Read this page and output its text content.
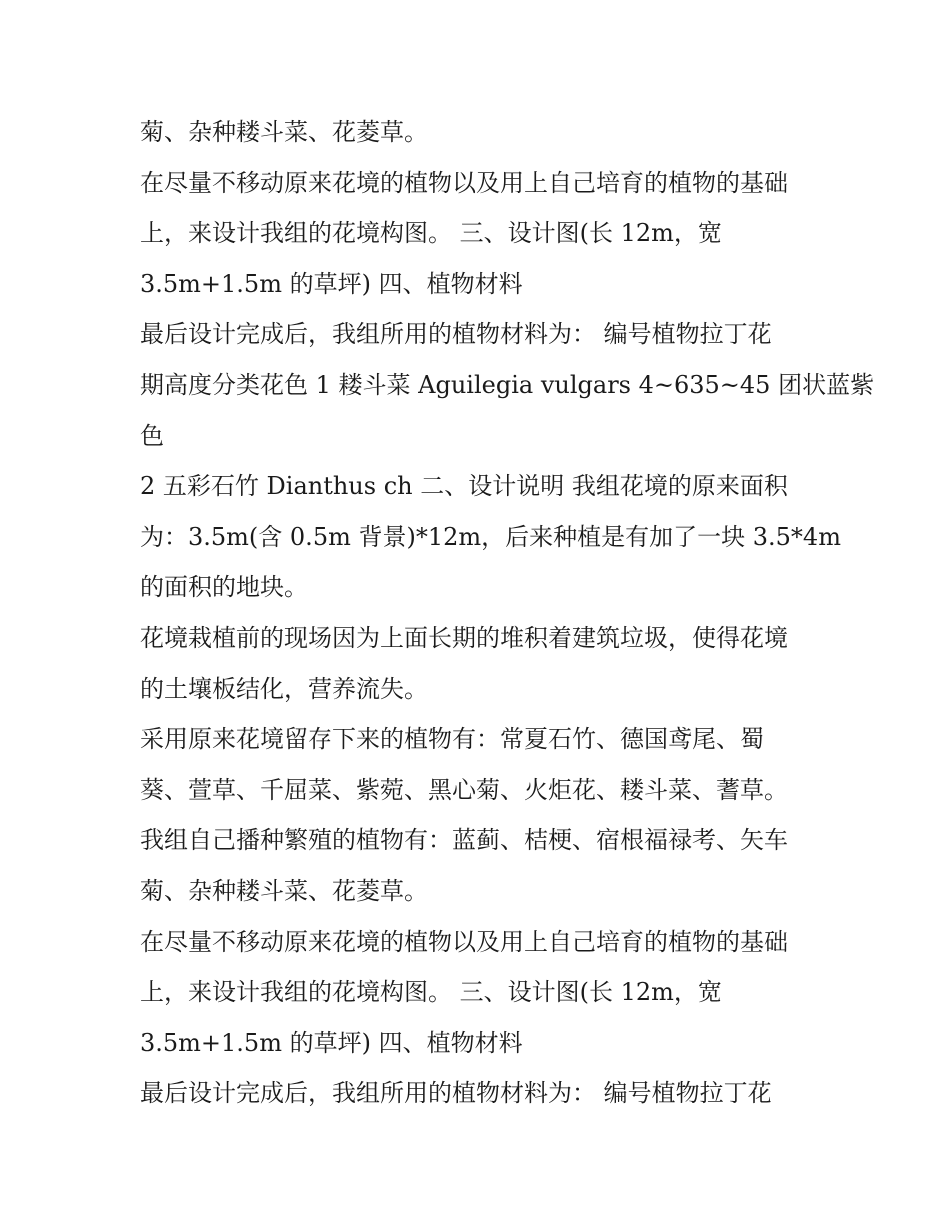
菊、杂种耧斗菜、花菱草。
在尽量不移动原来花境的植物以及用上自己培育的植物的基础
上，来设计我组的花境构图。 三、设计图(长 12m，宽
3.5m+1.5m 的草坪) 四、植物材料
最后设计完成后，我组所用的植物材料为： 编号植物拉丁花
期高度分类花色 1 耧斗菜 Aguilegia vulgars 4~635~45 团状蓝紫
色
2 五彩石竹 Dianthus ch 二、设计说明 我组花境的原来面积
为：3.5m(含 0.5m 背景)*12m，后来种植是有加了一块 3.5*4m
的面积的地块。
花境栽植前的现场因为上面长期的堆积着建筑垃圾，使得花境
的土壤板结化，营养流失。
采用原来花境留存下来的植物有：常夏石竹、德国鸢尾、蜀
葵、萱草、千屈菜、紫菀、黑心菊、火炬花、耧斗菜、蓍草。
我组自己播种繁殖的植物有：蓝蓟、桔梗、宿根福禄考、矢车
菊、杂种耧斗菜、花菱草。
在尽量不移动原来花境的植物以及用上自己培育的植物的基础
上，来设计我组的花境构图。 三、设计图(长 12m，宽
3.5m+1.5m 的草坪) 四、植物材料
最后设计完成后，我组所用的植物材料为： 编号植物拉丁花
